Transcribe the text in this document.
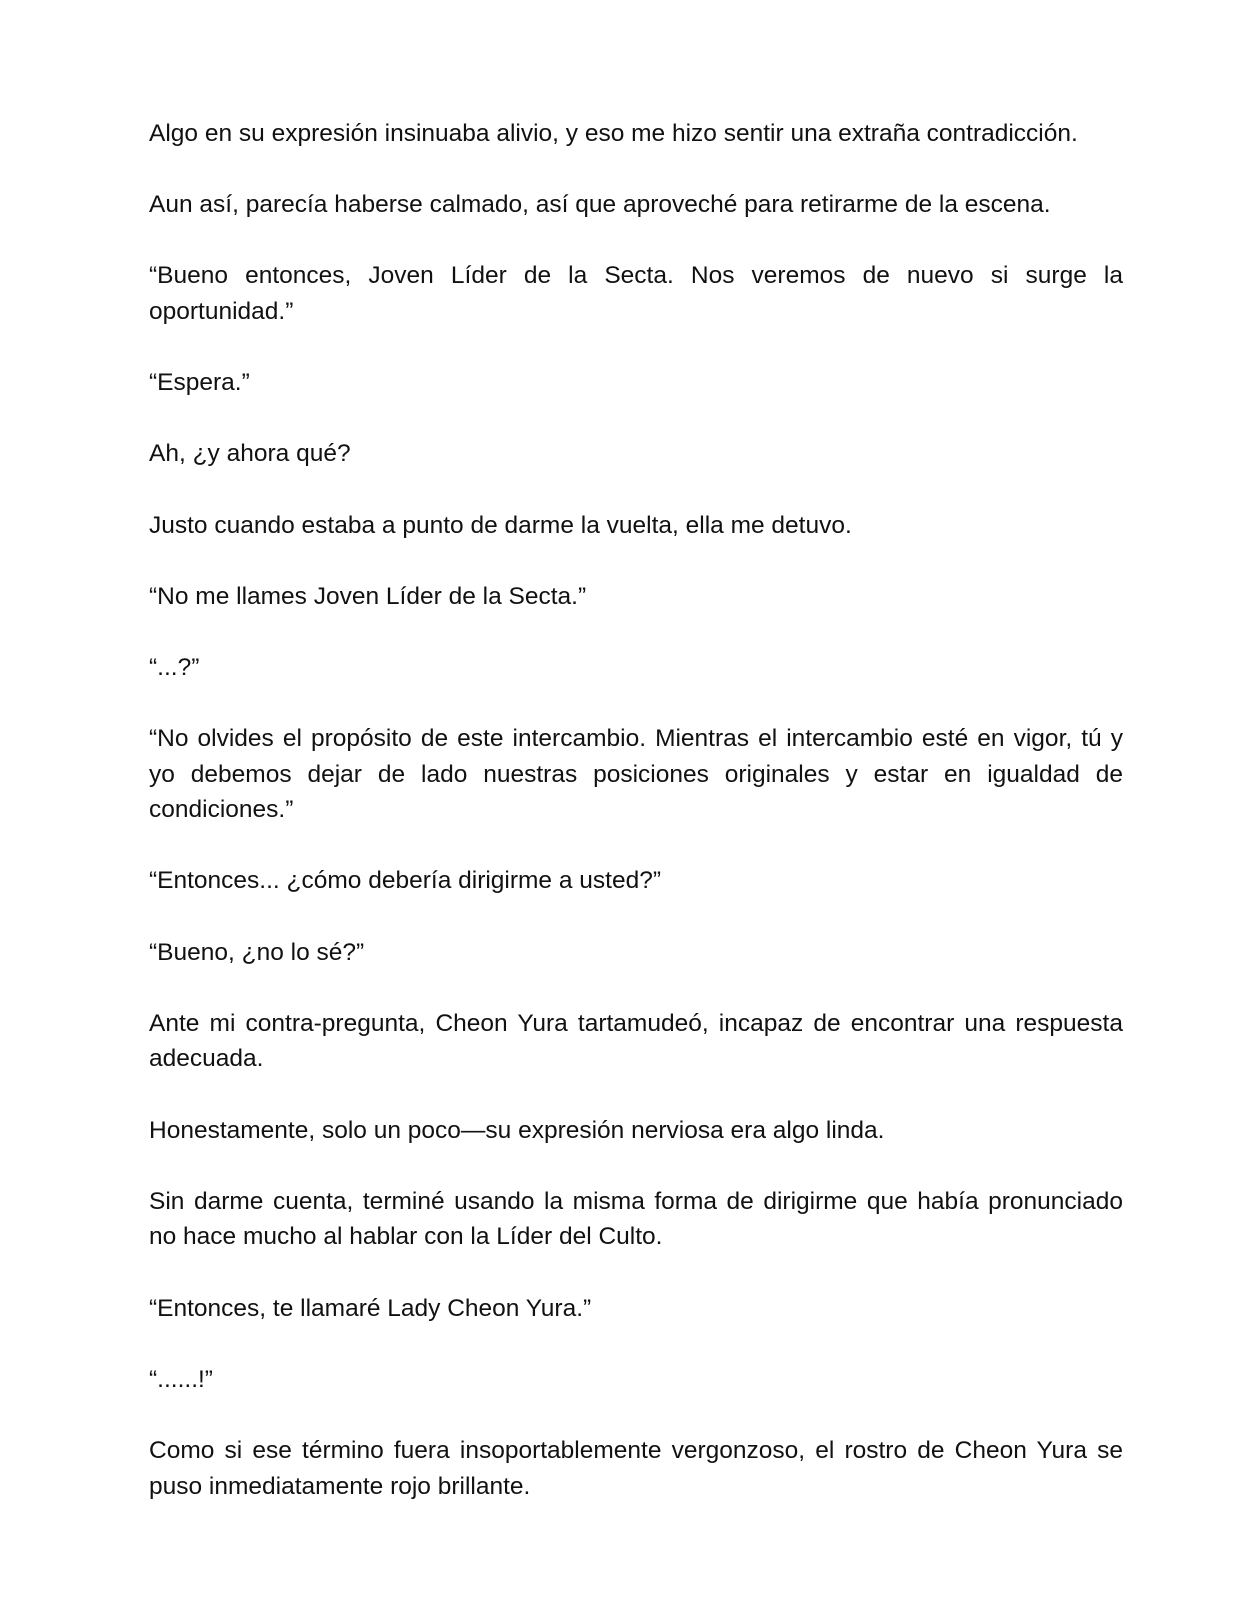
Algo en su expresión insinuaba alivio, y eso me hizo sentir una extraña contradicción.

Aun así, parecía haberse calmado, así que aproveché para retirarme de la escena.

“Bueno entonces, Joven Líder de la Secta. Nos veremos de nuevo si surge la oportunidad.”

“Espera.”

Ah, ¿y ahora qué?

Justo cuando estaba a punto de darme la vuelta, ella me detuvo.

“No me llames Joven Líder de la Secta.”

“...?”

“No olvides el propósito de este intercambio. Mientras el intercambio esté en vigor, tú y yo debemos dejar de lado nuestras posiciones originales y estar en igualdad de condiciones.”

“Entonces... ¿cómo debería dirigirme a usted?”

“Bueno, ¿no lo sé?”

Ante mi contra-pregunta, Cheon Yura tartamudeó, incapaz de encontrar una respuesta adecuada.

Honestamente, solo un poco—su expresión nerviosa era algo linda.

Sin darme cuenta, terminé usando la misma forma de dirigirme que había pronunciado no hace mucho al hablar con la Líder del Culto.

“Entonces, te llamaré Lady Cheon Yura.”

“......!”

Como si ese término fuera insoportablemente vergonzoso, el rostro de Cheon Yura se puso inmediatamente rojo brillante.
